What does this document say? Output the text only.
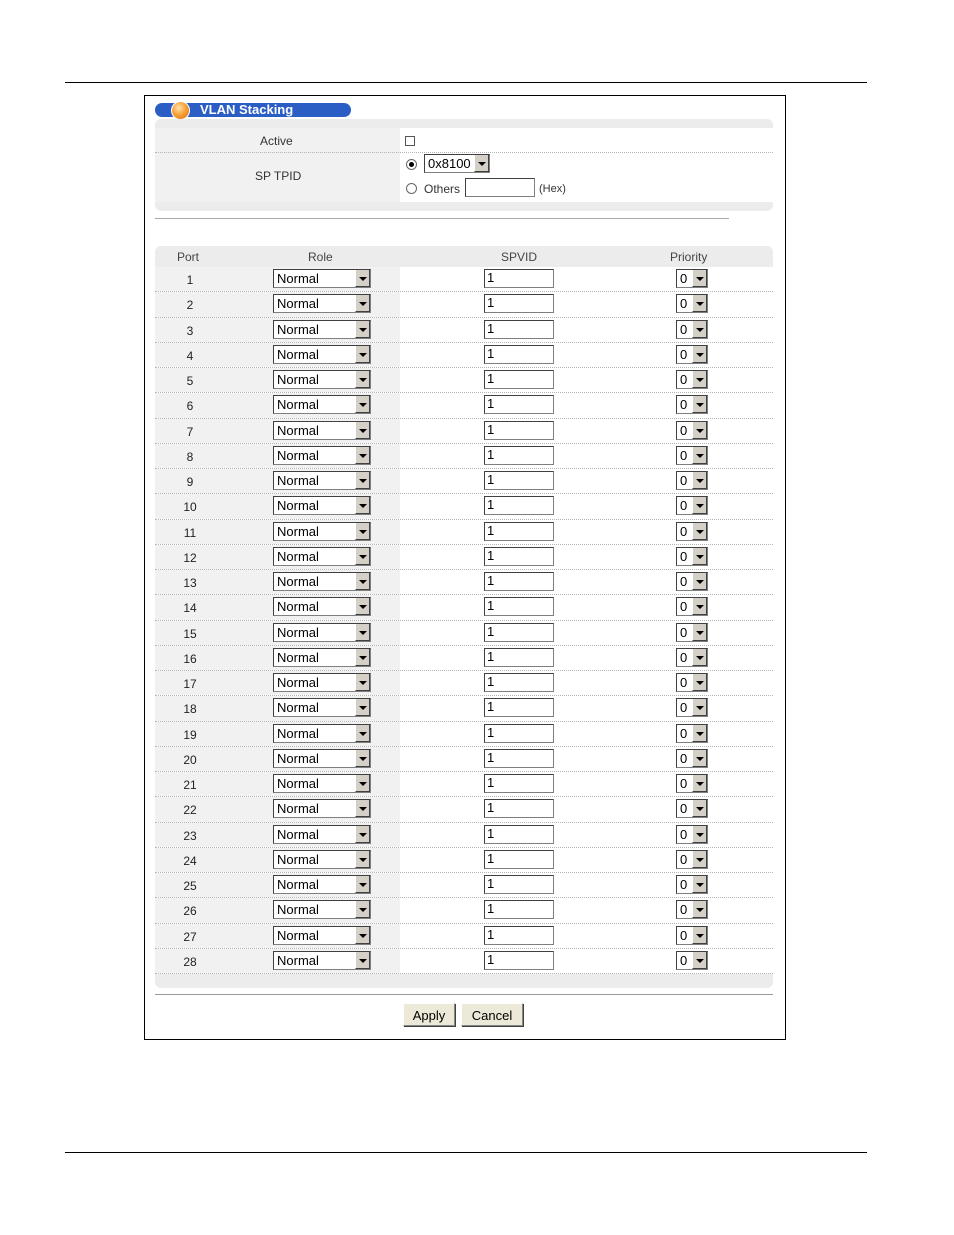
VLAN Stacking
Active
SP TPID
0x8100
Others	(Hex)
Port	Role	SPVID	Priority
1	Normal	1	0
2	Normal	1	0
3	Normal	1	0
4	Normal	1	0
5	Normal	1	0
6	Normal	1	0
7	Normal	1	0
8	Normal	1	0
9	Normal	1	0
10	Normal	1	0
11	Normal	1	0
12	Normal	1	0
13	Normal	1	0
14	Normal	1	0
15	Normal	1	0
16	Normal	1	0
17	Normal	1	0
18	Normal	1	0
19	Normal	1	0
20	Normal	1	0
21	Normal	1	0
22	Normal	1	0
23	Normal	1	0
24	Normal	1	0
25	Normal	1	0
26	Normal	1	0
27	Normal	1	0
28	Normal	1	0
Apply	Cancel
